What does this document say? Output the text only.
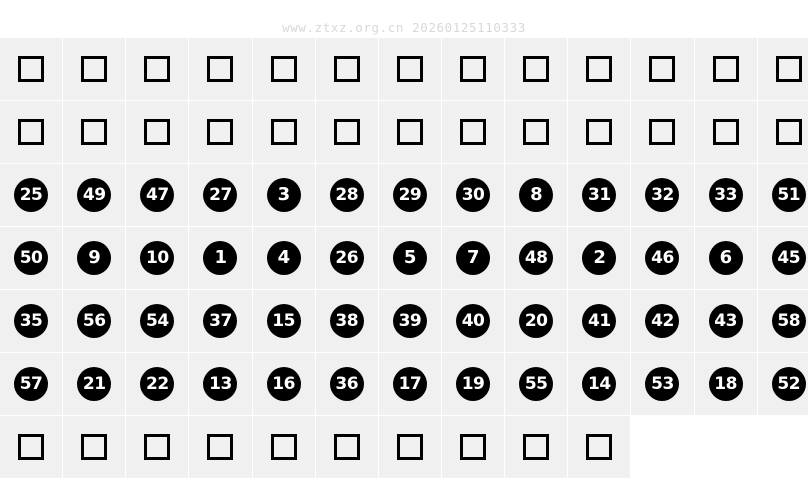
www.ztxz.org.cn 20260125110333

25	49	47	27	3	28	29	30	8	31	32	33	51

50	9	10	1	4	26	5	7	48	2	46	6	45

35	56	54	37	15	38	39	40	20	41	42	43	58

57	21	22	13	16	36	17	19	55	14	53	18	52
